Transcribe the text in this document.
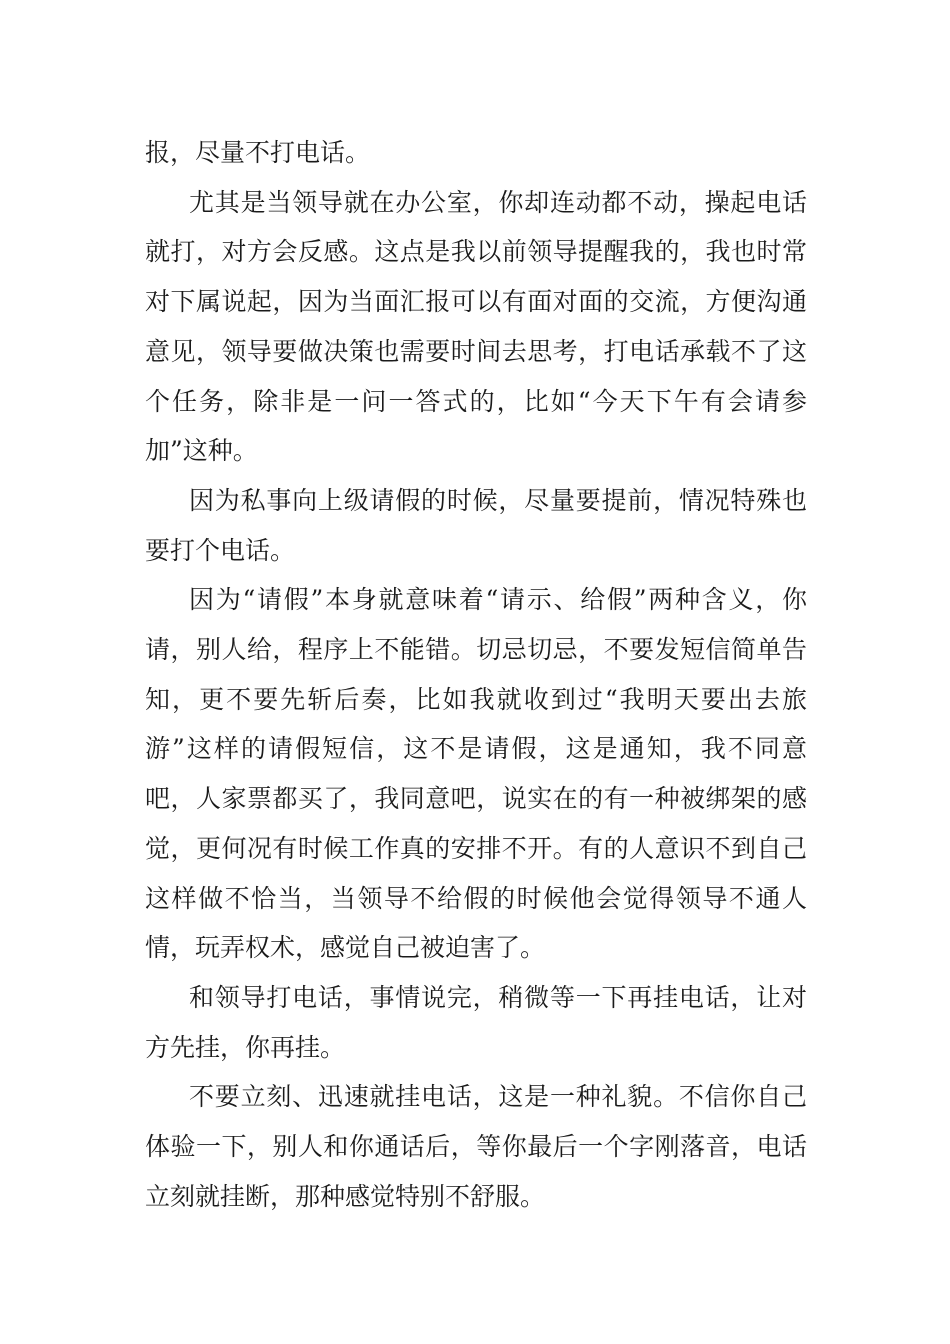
报，尽量不打电话。

尤其是当领导就在办公室，你却连动都不动，操起电话就打，对方会反感。这点是我以前领导提醒我的，我也时常对下属说起，因为当面汇报可以有面对面的交流，方便沟通意见，领导要做决策也需要时间去思考，打电话承载不了这个任务，除非是一问一答式的，比如“今天下午有会请参加”这种。

因为私事向上级请假的时候，尽量要提前，情况特殊也要打个电话。

因为“请假”本身就意味着“请示、给假”两种含义，你请，别人给，程序上不能错。切忌切忌，不要发短信简单告知，更不要先斩后奏，比如我就收到过“我明天要出去旅游”这样的请假短信，这不是请假，这是通知，我不同意吧，人家票都买了，我同意吧，说实在的有一种被绑架的感觉，更何况有时候工作真的安排不开。有的人意识不到自己这样做不恰当，当领导不给假的时候他会觉得领导不通人情，玩弄权术，感觉自己被迫害了。

和领导打电话，事情说完，稍微等一下再挂电话，让对方先挂，你再挂。

不要立刻、迅速就挂电话，这是一种礼貌。不信你自己体验一下，别人和你通话后，等你最后一个字刚落音，电话立刻就挂断，那种感觉特别不舒服。
